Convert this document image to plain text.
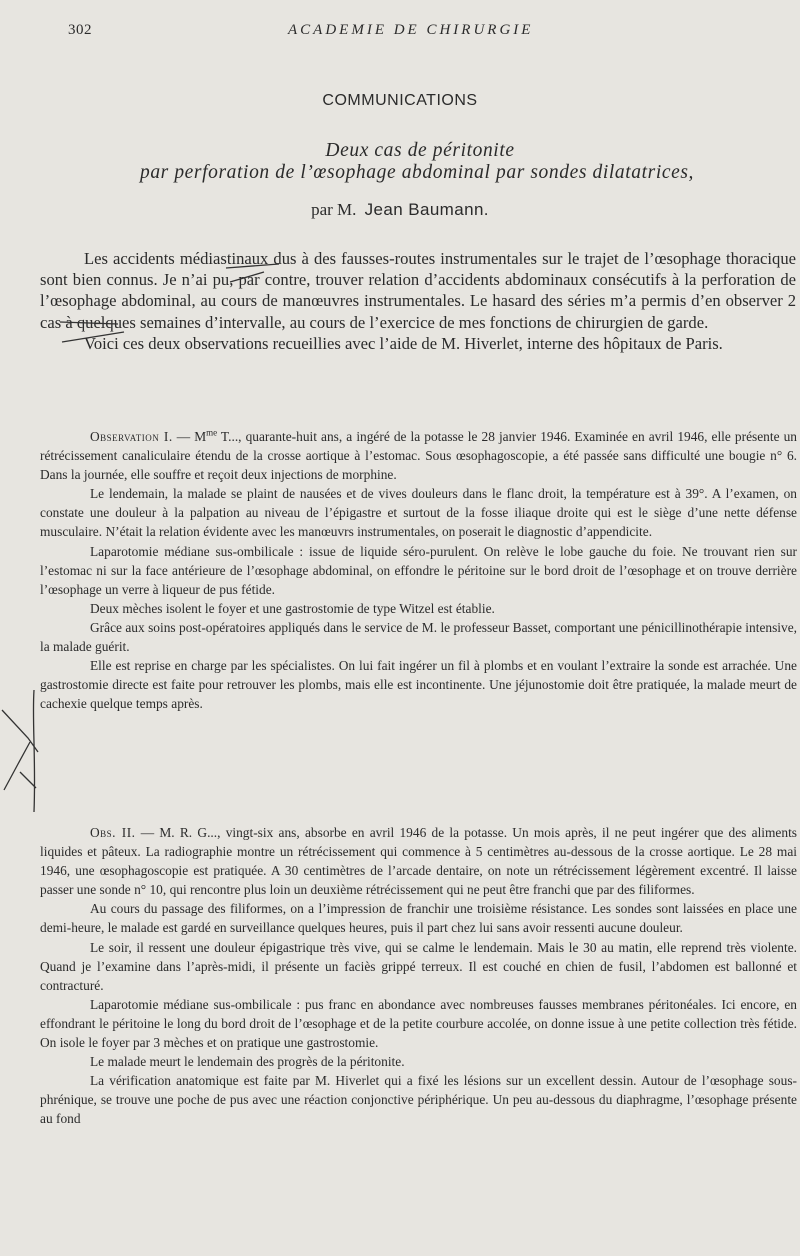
302	ACADEMIE DE CHIRURGIE
COMMUNICATIONS
Deux cas de péritonite
par perforation de l’œsophage abdominal par sondes dilatatrices,
par M. Jean Baumann.

Les accidents médiastinaux dus à des fausses-routes instrumentales sur le trajet de l’œsophage thoracique sont bien connus. Je n’ai pu, par contre, trouver relation d’accidents abdominaux consécutifs à la perforation de l’œsophage abdominal, au cours de manœuvres instrumentales. Le hasard des séries m’a permis d’en observer 2 cas à quelques semaines d’intervalle, au cours de l’exercice de mes fonctions de chirurgien de garde.

Voici ces deux observations recueillies avec l’aide de M. Hiverlet, interne des hôpitaux de Paris.

Observation I. — $M^{me}$ T..., quarante-huit ans, a ingéré de la potasse le 28 janvier 1946. Examinée en avril 1946, elle présente un rétrécissement canaliculaire étendu de la crosse aortique à l’estomac. Sous œsophagoscopie, a été passée sans difficulté une bougie n° 6. Dans la journée, elle souffre et reçoit deux injections de morphine.

Le lendemain, la malade se plaint de nausées et de vives douleurs dans le flanc droit, la température est à 39°. A l’examen, on constate une douleur à la palpation au niveau de l’épigastre et surtout de la fosse iliaque droite qui est le siège d’une nette défense musculaire. N’était la relation évidente avec les manœuvrs instrumentales, on poserait le diagnostic d’appendicite.

Laparotomie médiane sus-ombilicale : issue de liquide séro-purulent. On relève le lobe gauche du foie. Ne trouvant rien sur l’estomac ni sur la face antérieure de l’œsophage abdominal, on effondre le péritoine sur le bord droit de l’œsophage et on trouve derrière l’œsophage un verre à liqueur de pus fétide.

Deux mèches isolent le foyer et une gastrostomie de type Witzel est établie.

Grâce aux soins post-opératoires appliqués dans le service de M. le professeur Basset, comportant une pénicillinothérapie intensive, la malade guérit.

Elle est reprise en charge par les spécialistes. On lui fait ingérer un fil à plombs et en voulant l’extraire la sonde est arrachée. Une gastrostomie directe est faite pour retrouver les plombs, mais elle est incontinente. Une jéjunostomie doit être pratiquée, la malade meurt de cachexie quelque temps après.

Obs. II. — M. R. G..., vingt-six ans, absorbe en avril 1946 de la potasse. Un mois après, il ne peut ingérer que des aliments liquides et pâteux. La radiographie montre un rétrécissement qui commence à 5 centimètres au-dessous de la crosse aortique. Le 28 mai 1946, une œsophagoscopie est pratiquée. A 30 centimètres de l’arcade dentaire, on note un rétrécissement légèrement excentré. Il laisse passer une sonde n° 10, qui rencontre plus loin un deuxième rétrécissement qui ne peut être franchi que par des filiformes.

Au cours du passage des filiformes, on a l’impression de franchir une troisième résistance. Les sondes sont laissées en place une demi-heure, le malade est gardé en surveillance quelques heures, puis il part chez lui sans avoir ressenti aucune douleur.

Le soir, il ressent une douleur épigastrique très vive, qui se calme le lendemain. Mais le 30 au matin, elle reprend très violente. Quand je l’examine dans l’après-midi, il présente un faciès grippé terreux. Il est couché en chien de fusil, l’abdomen est ballonné et contracturé.

Laparotomie médiane sus-ombilicale : pus franc en abondance avec nombreuses fausses membranes péritonéales. Ici encore, en effondrant le péritoine le long du bord droit de l’œsophage et de la petite courbure accolée, on donne issue à une petite collection très fétide. On isole le foyer par 3 mèches et on pratique une gastrostomie.

Le malade meurt le lendemain des progrès de la péritonite.

La vérification anatomique est faite par M. Hiverlet qui a fixé les lésions sur un excellent dessin. Autour de l’œsophage sous-phrénique, se trouve une poche de pus avec une réaction conjonctive périphérique. Un peu au-dessous du diaphragme, l’œsophage présente au fond
